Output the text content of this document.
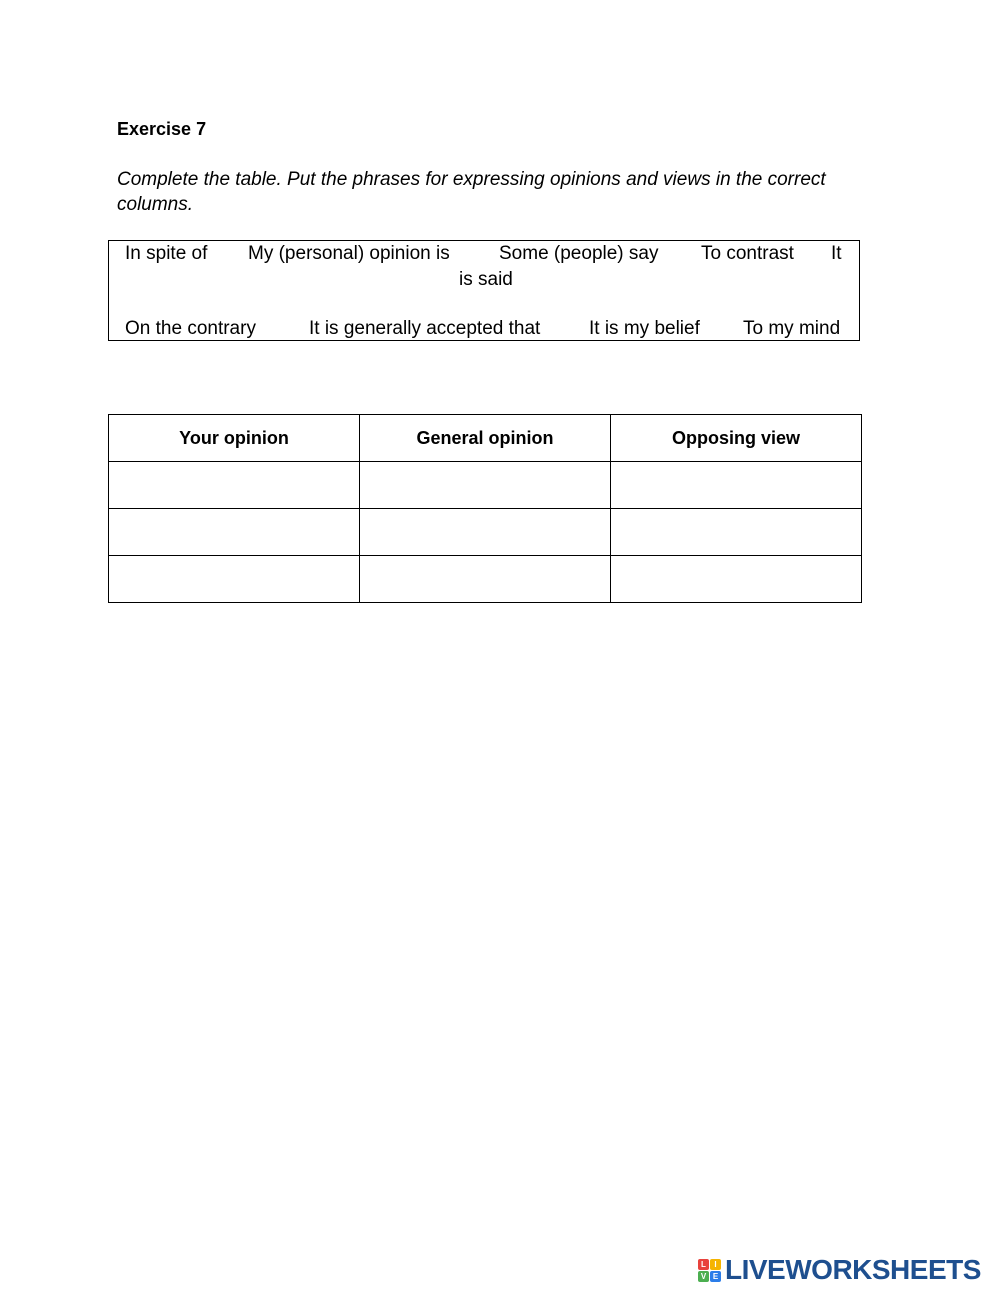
Exercise 7
Complete the table. Put the phrases for expressing opinions and views in the correct columns.
In spite of My (personal) opinion is	Some (people) say To contrast It
is said
On the contrary	It is generally accepted that	It is my belief To my mind
Your opinion	General opinion	Opposing view

L	I
V E LIVEWORKSHEETS
